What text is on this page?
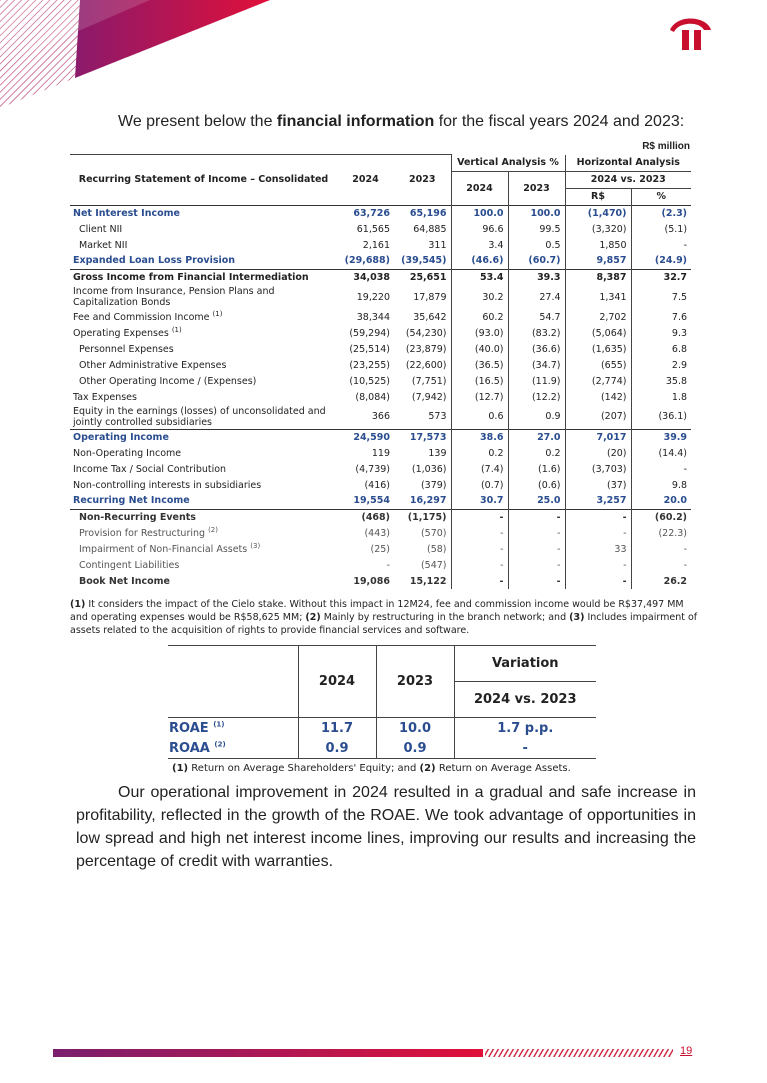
We present below the financial information for the fiscal years 2024 and 2023:
R$ million
Recurring Statement of Income – Consolidated	2024	2023	Vertical Analysis %		Horizontal Analysis	
			2024	2023	2024 vs. 2023	
					R$	%
Net Interest Income	63,726	65,196	100.0	100.0	(1,470)	(2.3)
Client NII	61,565	64,885	96.6	99.5	(3,320)	(5.1)
Market NII	2,161	311	3.4	0.5	1,850	-
Expanded Loan Loss Provision	(29,688)	(39,545)	(46.6)	(60.7)	9,857	(24.9)
Gross Income from Financial Intermediation	34,038	25,651	53.4	39.3	8,387	32.7
Income from Insurance, Pension Plans and Capitalization Bonds	19,220	17,879	30.2	27.4	1,341	7.5
Fee and Commission Income $^{(1)}$	38,344	35,642	60.2	54.7	2,702	7.6
Operating Expenses $^{(1)}$	(59,294)	(54,230)	(93.0)	(83.2)	(5,064)	9.3
Personnel Expenses	(25,514)	(23,879)	(40.0)	(36.6)	(1,635)	6.8
Other Administrative Expenses	(23,255)	(22,600)	(36.5)	(34.7)	(655)	2.9
Other Operating Income / (Expenses)	(10,525)	(7,751)	(16.5)	(11.9)	(2,774)	35.8
Tax Expenses	(8,084)	(7,942)	(12.7)	(12.2)	(142)	1.8
Equity in the earnings (losses) of unconsolidated and jointly controlled subsidiaries	366	573	0.6	0.9	(207)	(36.1)
Operating Income	24,590	17,573	38.6	27.0	7,017	39.9
Non-Operating Income	119	139	0.2	0.2	(20)	(14.4)
Income Tax / Social Contribution	(4,739)	(1,036)	(7.4)	(1.6)	(3,703)	-
Non-controlling interests in subsidiaries	(416)	(379)	(0.7)	(0.6)	(37)	9.8
Recurring Net Income	19,554	16,297	30.7	25.0	3,257	20.0
Non-Recurring Events	(468)	(1,175)	-	-	-	(60.2)
Provision for Restructuring $^{(2)}$	(443)	(570)	-	-	-	(22.3)
Impairment of Non-Financial Assets $^{(3)}$	(25)	(58)	-	-	33	-
Contingent Liabilities	-	(547)	-	-	-	-
Book Net Income	19,086	15,122	-	-	-	26.2
(1) It considers the impact of the Cielo stake. Without this impact in 12M24, fee and commission income would be R$37,497 MM and operating expenses would be R$58,625 MM; (2) Mainly by restructuring in the branch network; and (3) Includes impairment of assets related to the acquisition of rights to provide financial services and software.
	2024	2023	Variation
			2024 vs. 2023
ROAE $^{(1)}$	11.7	10.0	1.7 p.p.
ROAA $^{(2)}$	0.9	0.9	-
(1) Return on Average Shareholders' Equity; and (2) Return on Average Assets.
Our operational improvement in 2024 resulted in a gradual and safe increase in profitability, reflected in the growth of the ROAE. We took advantage of opportunities in low spread and high net interest income lines, improving our results and increasing the percentage of credit with warranties.
19
